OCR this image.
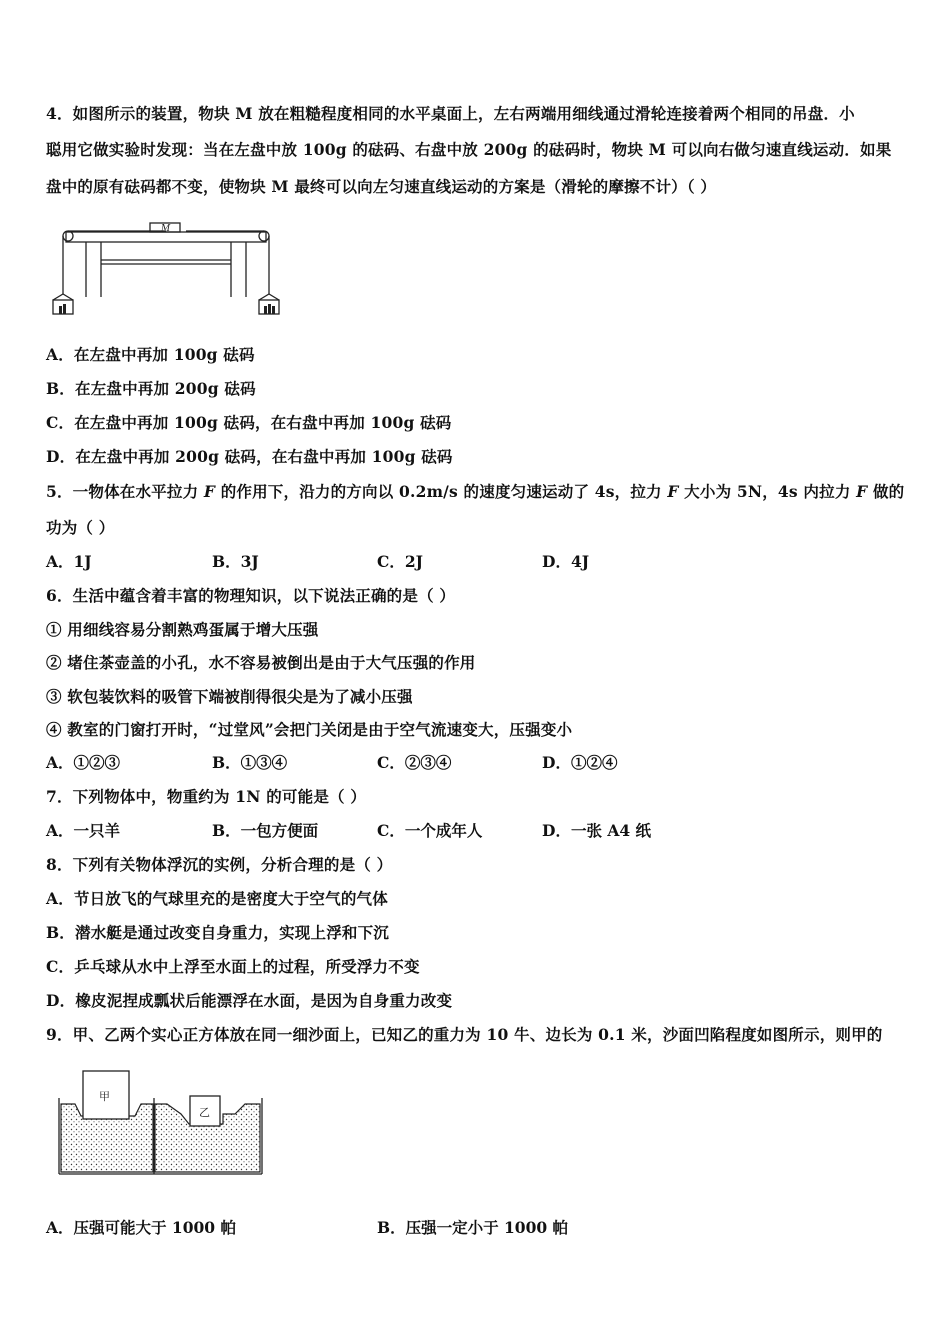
4．如图所示的装置，物块 M 放在粗糙程度相同的水平桌面上，左右两端用细线通过滑轮连接着两个相同的吊盘．小
聪用它做实验时发现：当在左盘中放 100g 的砝码、右盘中放 200g 的砝码时，物块 M 可以向右做匀速直线运动．如果
盘中的原有砝码都不变，使物块 M 最终可以向左匀速直线运动的方案是（滑轮的摩擦不计）（ ）
M
A．在左盘中再加 100g 砝码
B．在左盘中再加 200g 砝码
C．在左盘中再加 100g 砝码，在右盘中再加 100g 砝码
D．在左盘中再加 200g 砝码，在右盘中再加 100g 砝码
5．一物体在水平拉力 F 的作用下，沿力的方向以 0.2m/s 的速度匀速运动了 4s，拉力 F 大小为 5N，4s 内拉力 F 做的
功为（ ）
A．1J	B．3J	C．2J	D．4J
6．生活中蕴含着丰富的物理知识，以下说法正确的是（ ）
① 用细线容易分割熟鸡蛋属于增大压强
② 堵住茶壶盖的小孔，水不容易被倒出是由于大气压强的作用
③ 软包装饮料的吸管下端被削得很尖是为了减小压强
④ 教室的门窗打开时，“过堂风”会把门关闭是由于空气流速变大，压强变小
A．①②③	B．①③④	C．②③④	D．①②④
7．下列物体中，物重约为 1N 的可能是（ ）
A．一只羊	B．一包方便面	C．一个成年人	D．一张 A4 纸
8．下列有关物体浮沉的实例，分析合理的是（ ）
A．节日放飞的气球里充的是密度大于空气的气体
B．潜水艇是通过改变自身重力，实现上浮和下沉
C．乒乓球从水中上浮至水面上的过程，所受浮力不变
D．橡皮泥捏成瓢状后能漂浮在水面，是因为自身重力改变
9．甲、乙两个实心正方体放在同一细沙面上，已知乙的重力为 10 牛、边长为 0.1 米，沙面凹陷程度如图所示，则甲的
甲
乙
A．压强可能大于 1000 帕	B．压强一定小于 1000 帕
